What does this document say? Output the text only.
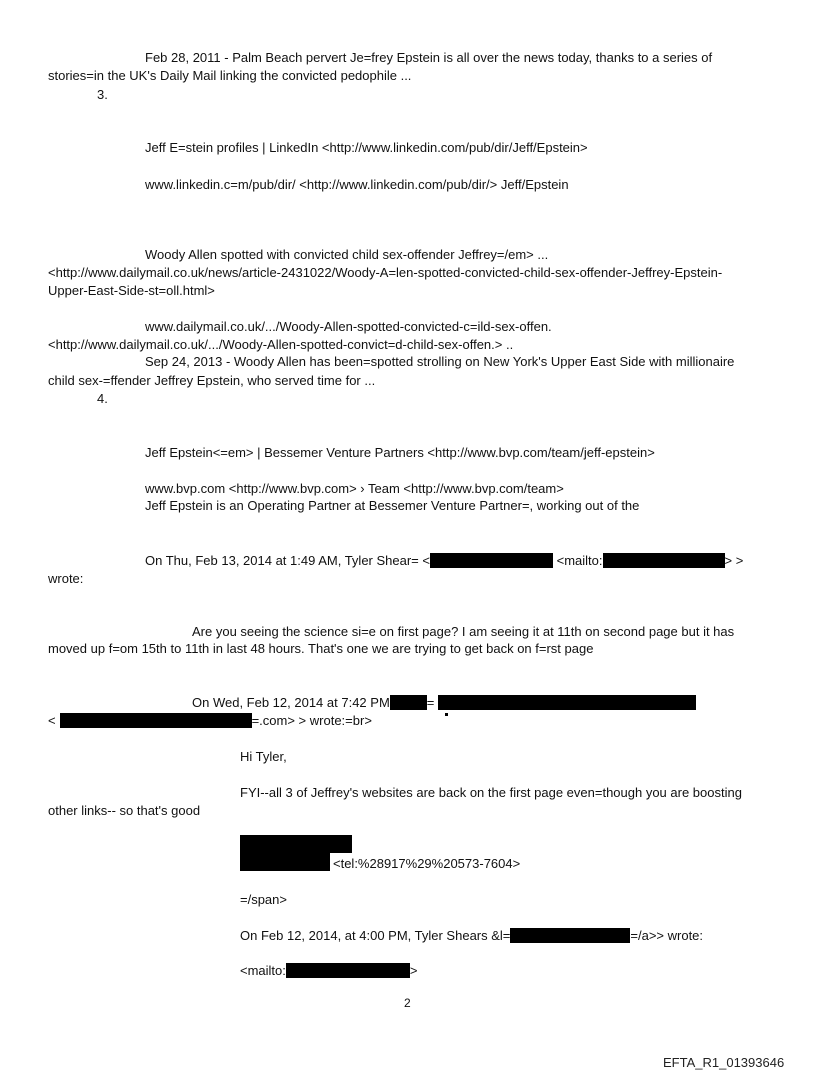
Feb 28, 2011 - Palm Beach pervert Je=frey Epstein is all over the news today, thanks to a series of
stories=in the UK's Daily Mail linking the convicted pedophile ...
3.
Jeff E=stein profiles | LinkedIn <http://www.linkedin.com/pub/dir/Jeff/Epstein>
www.linkedin.c=m/pub/dir/ <http://www.linkedin.com/pub/dir/> Jeff/Epstein
Woody Allen spotted with convicted child sex-offender Jeffrey=/em> ...
<http://www.dailymail.co.uk/news/article-2431022/Woody-A=len-spotted-convicted-child-sex-offender-Jeffrey-Epstein-
Upper-East-Side-st=oll.html>
www.dailymail.co.uk/.../Woody-Allen-spotted-convicted-c=ild-sex-offen.
<http://www.dailymail.co.uk/.../Woody-Allen-spotted-convict=d-child-sex-offen.> ..
Sep 24, 2013 - Woody Allen has been=spotted strolling on New York's Upper East Side with millionaire
child sex-=ffender Jeffrey Epstein, who served time for ...
4.
Jeff Epstein<=em> | Bessemer Venture Partners <http://www.bvp.com/team/jeff-epstein>
www.bvp.com <http://www.bvp.com> › Team <http://www.bvp.com/team>
Jeff Epstein is an Operating Partner at Bessemer Venture Partner=, working out of the
On Thu, Feb 13, 2014 at 1:49 AM, Tyler Shear= <	<mailto:	> >
wrote:
Are you seeing the science si=e on first page? I am seeing it at 11th on second page but it has
moved up f=om 15th to 11th in last 48 hours. That's one we are trying to get back on f=rst page
On Wed, Feb 12, 2014 at 7:42 PM	=
<	=.com> > wrote:=br>
Hi Tyler,
FYI--all 3 of Jeffrey's websites are back on the first page even=though you are boosting
other links-- so that's good
<tel:%28917%29%20573-7604>
=/span>
On Feb 12, 2014, at 4:00 PM, Tyler Shears &l=	=/a>> wrote:
<mailto:	>
2
EFTA_R1_01393646
